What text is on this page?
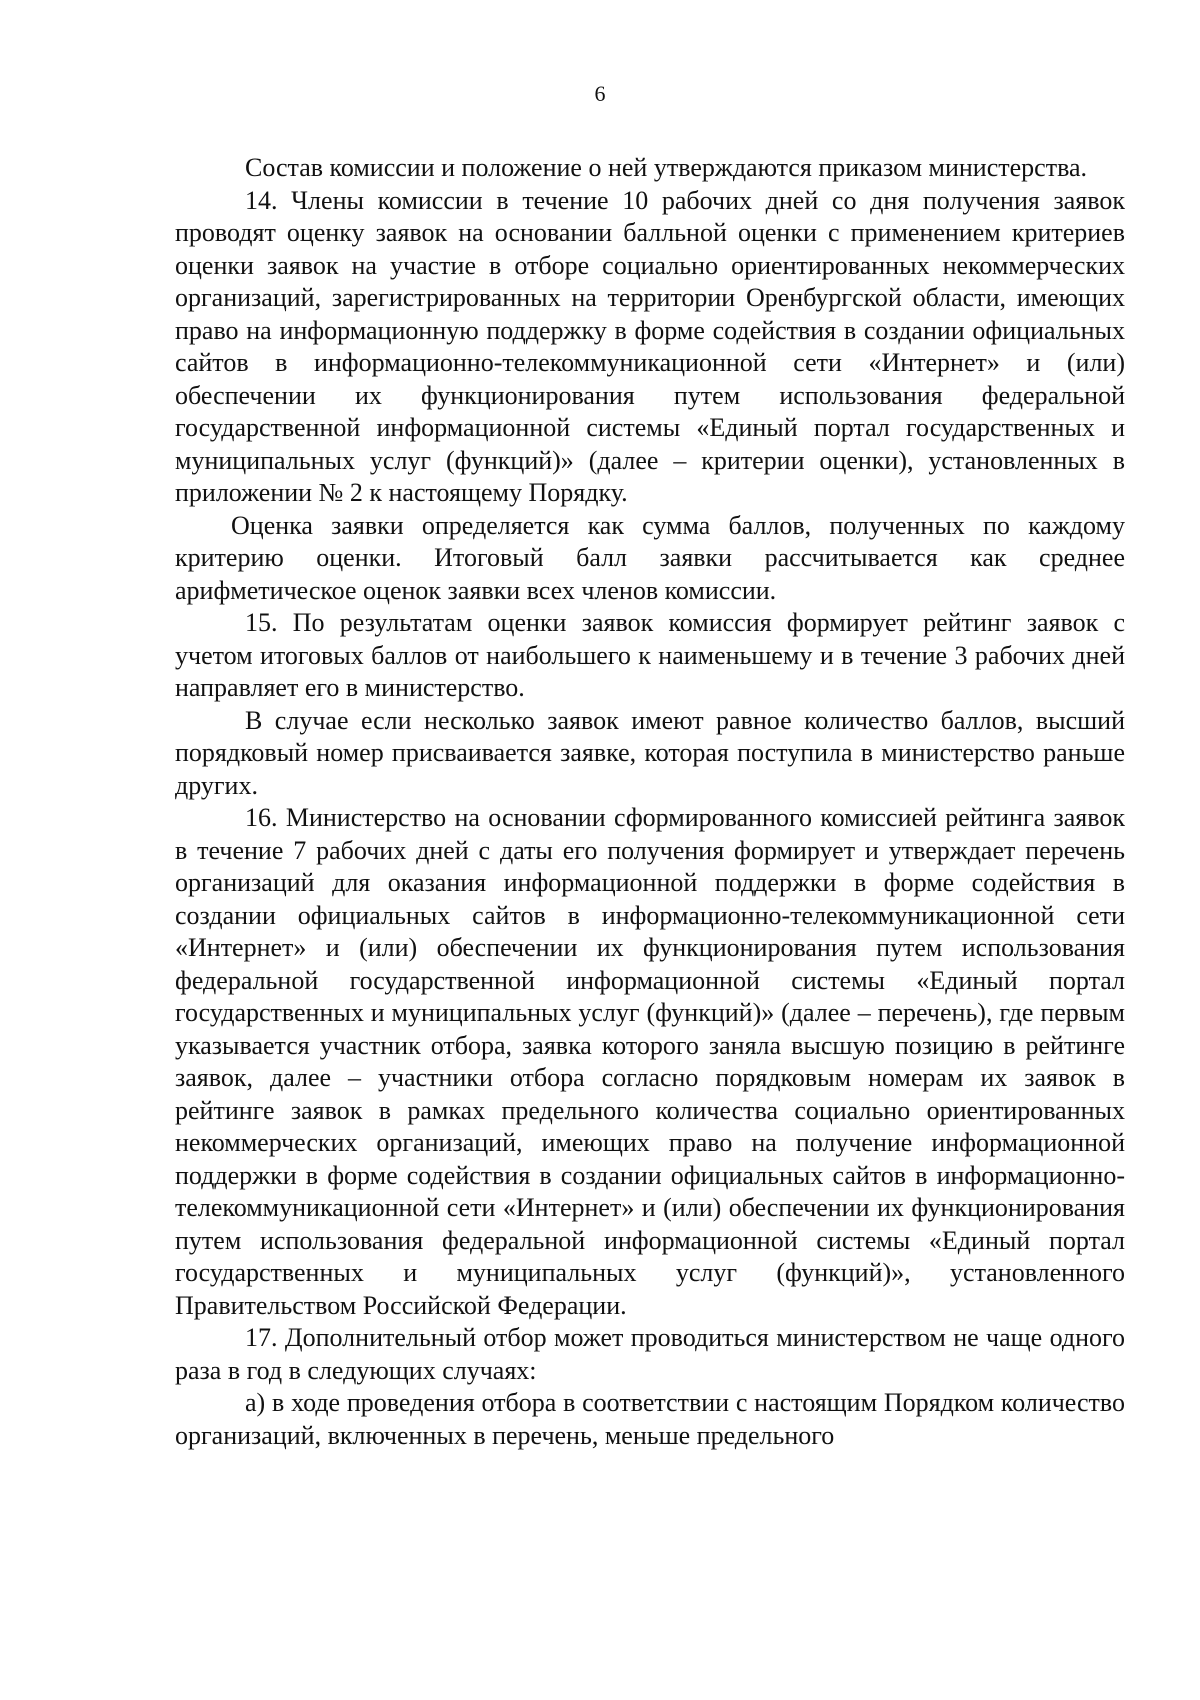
6

Состав комиссии и положение о ней утверждаются приказом министерства.

14. Члены комиссии в течение 10 рабочих дней со дня получения заявок проводят оценку заявок на основании балльной оценки с применением критериев оценки заявок на участие в отборе социально ориентированных некоммерческих организаций, зарегистрированных на территории Оренбургской области, имеющих право на информационную поддержку в форме содействия в создании официальных сайтов в информационно-телекоммуникационной сети «Интернет» и (или) обеспечении их функционирования путем использования федеральной государственной информационной системы «Единый портал государственных и муниципальных услуг (функций)» (далее – критерии оценки), установленных в приложении № 2 к настоящему Порядку.

Оценка заявки определяется как сумма баллов, полученных по каждому критерию оценки. Итоговый балл заявки рассчитывается как среднее арифметическое оценок заявки всех членов комиссии.

15. По результатам оценки заявок комиссия формирует рейтинг заявок с учетом итоговых баллов от наибольшего к наименьшему и в течение 3 рабочих дней направляет его в министерство.

В случае если несколько заявок имеют равное количество баллов, высший порядковый номер присваивается заявке, которая поступила в министерство раньше других.

16. Министерство на основании сформированного комиссией рейтинга заявок в течение 7 рабочих дней с даты его получения формирует и утверждает перечень организаций для оказания информационной поддержки в форме содействия в создании официальных сайтов в информационно-телекоммуникационной сети «Интернет» и (или) обеспечении их функционирования путем использования федеральной государственной информационной системы «Единый портал государственных и муниципальных услуг (функций)» (далее – перечень), где первым указывается участник отбора, заявка которого заняла высшую позицию в рейтинге заявок, далее – участники отбора согласно порядковым номерам их заявок в рейтинге заявок в рамках предельного количества социально ориентированных некоммерческих организаций, имеющих право на получение информационной поддержки в форме содействия в создании официальных сайтов в информационно-телекоммуникационной сети «Интернет» и (или) обеспечении их функционирования путем использования федеральной информационной системы «Единый портал государственных и муниципальных услуг (функций)», установленного Правительством Российской Федерации.

17. Дополнительный отбор может проводиться министерством не чаще одного раза в год в следующих случаях:

а) в ходе проведения отбора в соответствии с настоящим Порядком количество организаций, включенных в перечень, меньше предельного
